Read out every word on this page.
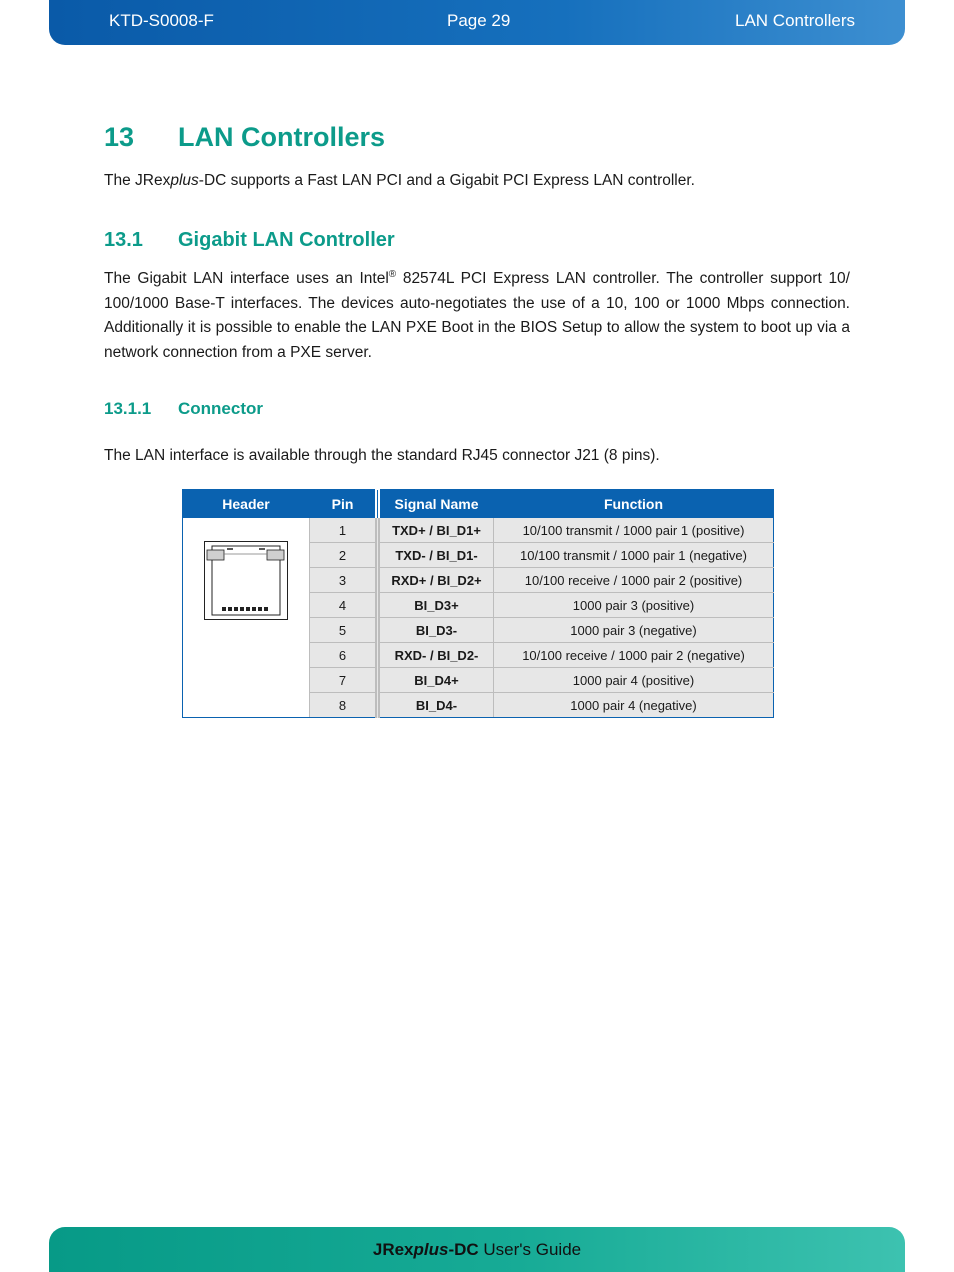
KTD-S0008-F	Page 29	LAN Controllers
13 LAN Controllers

The JRexplus-DC supports a Fast LAN PCI and a Gigabit PCI Express LAN controller.

13.1 Gigabit LAN Controller

The Gigabit LAN interface uses an Intel® 82574L PCI Express LAN controller. The controller support 10/ 100/1000 Base-T interfaces. The devices auto-negotiates the use of a 10, 100 or 1000 Mbps connection. Additionally it is possible to enable the LAN PXE Boot in the BIOS Setup to allow the system to boot up via a network connection from a PXE server.

13.1.1 Connector

The LAN interface is available through the standard RJ45 connector J21 (8 pins).

Header	Pin	Signal Name	Function

	1	TXD+ / BI_D1+	10/100 transmit / 1000 pair 1 (positive)
	2	TXD- / BI_D1-	10/100 transmit / 1000 pair 1 (negative)
	3	RXD+ / BI_D2+	10/100 receive / 1000 pair 2 (positive)
	4	BI_D3+	1000 pair 3 (positive)
	5	BI_D3-	1000 pair 3 (negative)
	6	RXD- / BI_D2-	10/100 receive / 1000 pair 2 (negative)
	7	BI_D4+	1000 pair 4 (positive)
	8	BI_D4-	1000 pair 4 (negative)
JRexplus-DC User's Guide
